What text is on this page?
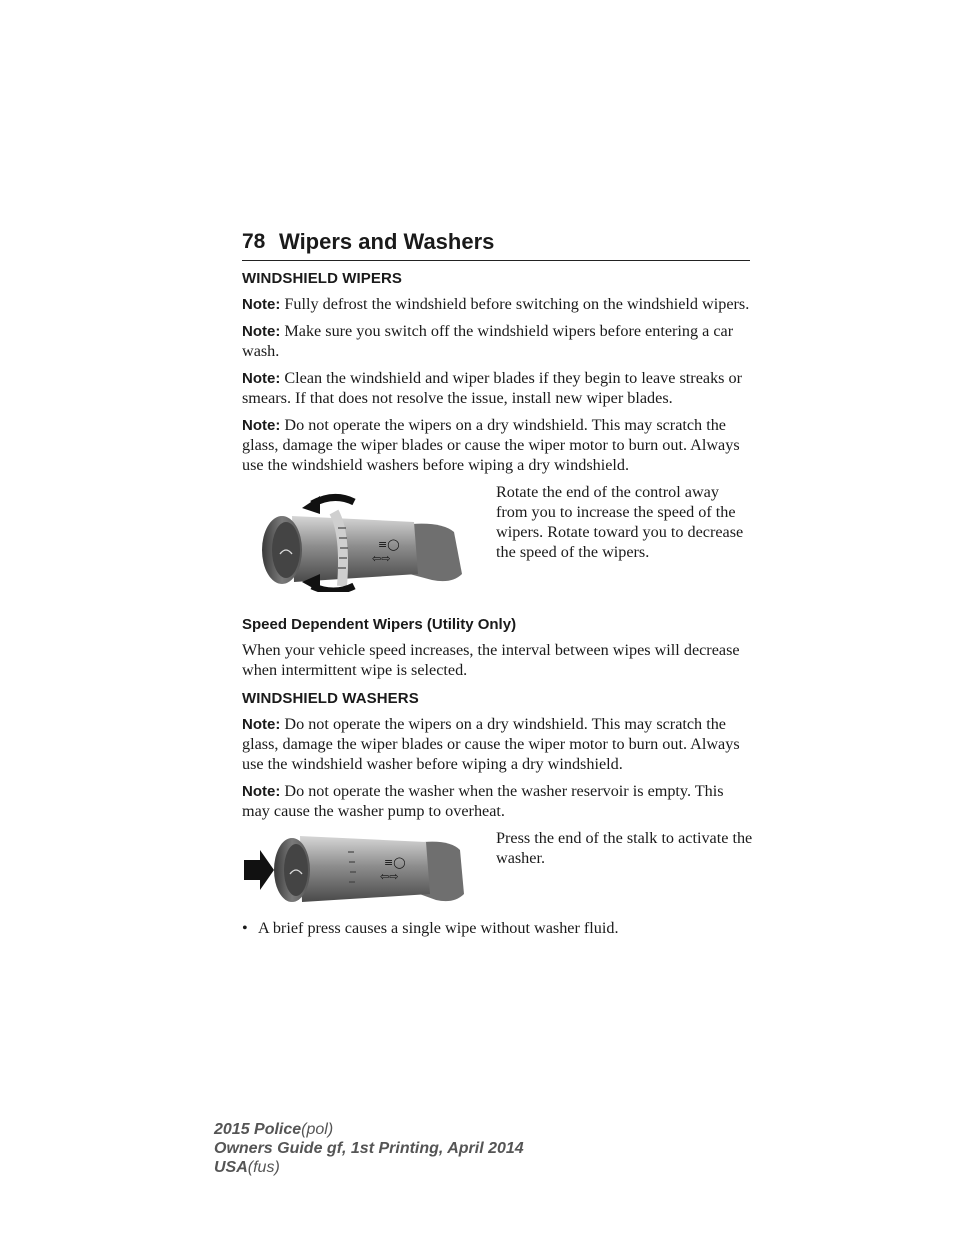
78 Wipers and Washers
WINDSHIELD WIPERS

Note: Fully defrost the windshield before switching on the windshield wipers.

Note: Make sure you switch off the windshield wipers before entering a car wash.

Note: Clean the windshield and wiper blades if they begin to leave streaks or smears. If that does not resolve the issue, install new wiper blades.

Note: Do not operate the wipers on a dry windshield. This may scratch the glass, damage the wiper blades or cause the wiper motor to burn out. Always use the windshield washers before wiping a dry windshield.

≡◯
⇦⇨
Rotate the end of the control away from you to increase the speed of the wipers. Rotate toward you to decrease the speed of the wipers.
Speed Dependent Wipers (Utility Only)

When your vehicle speed increases, the interval between wipes will decrease when intermittent wipe is selected.

WINDSHIELD WASHERS

Note: Do not operate the wipers on a dry windshield. This may scratch the glass, damage the wiper blades or cause the wiper motor to burn out. Always use the windshield washer before wiping a dry windshield.

Note: Do not operate the washer when the washer reservoir is empty. This may cause the washer pump to overheat.

≡◯
⇦⇨
Press the end of the stalk to activate the washer.
• A brief press causes a single wipe without washer fluid.
2015 Police(pol)
Owners Guide gf, 1st Printing, April 2014
USA(fus)
